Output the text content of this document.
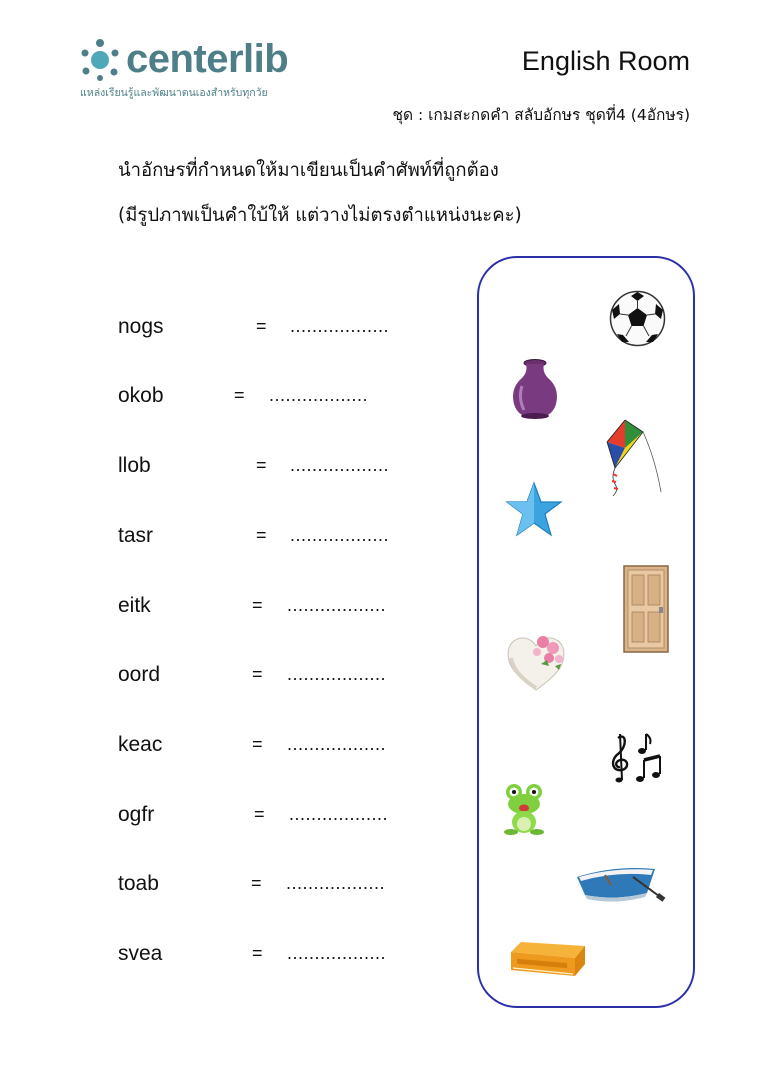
centerlib
แหล่งเรียนรู้และพัฒนาตนเองสำหรับทุกวัย
English Room
ชุด : เกมสะกดคำ สลับอักษร ชุดที่4 (4อักษร)
นำอักษรที่กำหนดให้มาเขียนเป็นคำศัพท์ที่ถูกต้อง
(มีรูปภาพเป็นคำใบ้ให้ แต่วางไม่ตรงตำแหน่งนะคะ)
nogs	= ..................
okob	= ..................
llob	= ..................
tasr	= ..................
eitk	= ..................
oord	= ..................
keac	= ..................
ogfr	= ..................
toab	= ..................
svea	= ..................
